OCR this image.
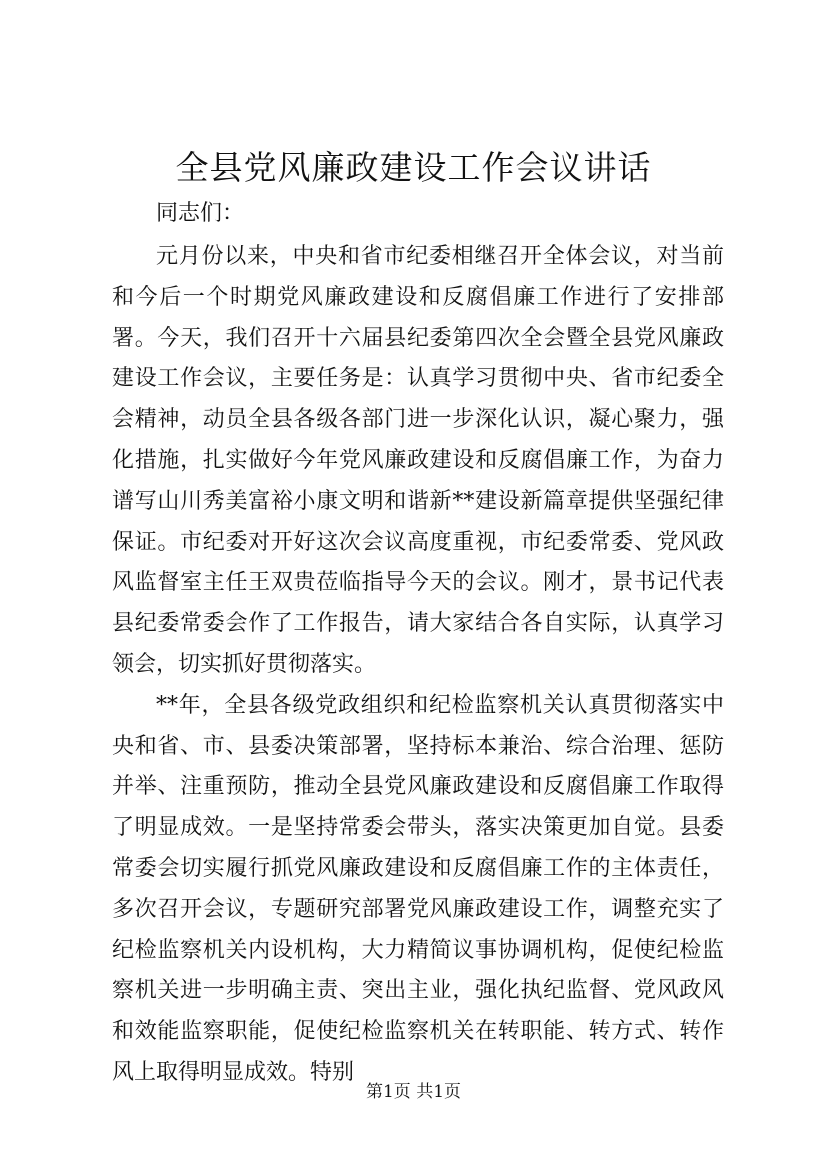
全县党风廉政建设工作会议讲话

同志们：

元月份以来，中央和省市纪委相继召开全体会议，对当前和今后一个时期党风廉政建设和反腐倡廉工作进行了安排部署。今天，我们召开十六届县纪委第四次全会暨全县党风廉政建设工作会议，主要任务是：认真学习贯彻中央、省市纪委全会精神，动员全县各级各部门进一步深化认识，凝心聚力，强化措施，扎实做好今年党风廉政建设和反腐倡廉工作，为奋力谱写山川秀美富裕小康文明和谐新**建设新篇章提供坚强纪律保证。市纪委对开好这次会议高度重视，市纪委常委、党风政风监督室主任王双贵莅临指导今天的会议。刚才，景书记代表县纪委常委会作了工作报告，请大家结合各自实际，认真学习领会，切实抓好贯彻落实。

**年，全县各级党政组织和纪检监察机关认真贯彻落实中央和省、市、县委决策部署，坚持标本兼治、综合治理、惩防并举、注重预防，推动全县党风廉政建设和反腐倡廉工作取得了明显成效。一是坚持常委会带头，落实决策更加自觉。县委常委会切实履行抓党风廉政建设和反腐倡廉工作的主体责任，多次召开会议，专题研究部署党风廉政建设工作，调整充实了纪检监察机关内设机构，大力精简议事协调机构，促使纪检监察机关进一步明确主责、突出主业，强化执纪监督、党风政风和效能监察职能，促使纪检监察机关在转职能、转方式、转作风上取得明显成效。特别

第1页 共1页
